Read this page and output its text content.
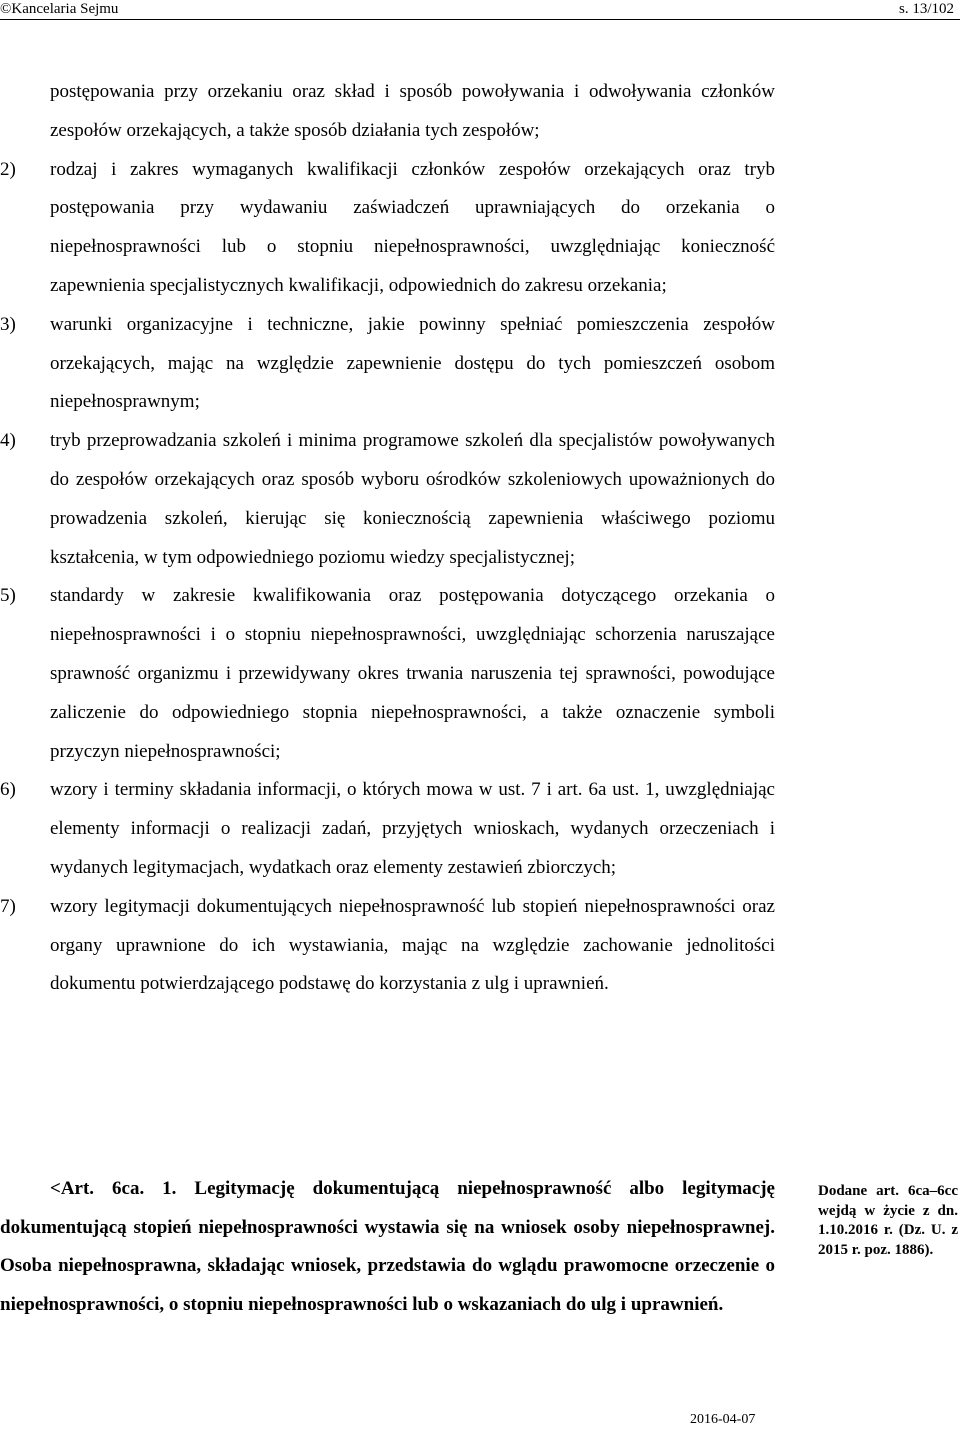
©Kancelaria Sejmu	s. 13/102

postępowania przy orzekaniu oraz skład i sposób powoływania i odwoływania członków zespołów orzekających, a także sposób działania tych zespołów;

2) rodzaj i zakres wymaganych kwalifikacji członków zespołów orzekających oraz tryb postępowania przy wydawaniu zaświadczeń uprawniających do orzekania o niepełnosprawności lub o stopniu niepełnosprawności, uwzględniając konieczność zapewnienia specjalistycznych kwalifikacji, odpowiednich do zakresu orzekania;
3) warunki organizacyjne i techniczne, jakie powinny spełniać pomieszczenia zespołów orzekających, mając na względzie zapewnienie dostępu do tych pomieszczeń osobom niepełnosprawnym;
4) tryb przeprowadzania szkoleń i minima programowe szkoleń dla specjalistów powoływanych do zespołów orzekających oraz sposób wyboru ośrodków szkoleniowych upoważnionych do prowadzenia szkoleń, kierując się koniecznością zapewnienia właściwego poziomu kształcenia, w tym odpowiedniego poziomu wiedzy specjalistycznej;
5) standardy w zakresie kwalifikowania oraz postępowania dotyczącego orzekania o niepełnosprawności i o stopniu niepełnosprawności, uwzględniając schorzenia naruszające sprawność organizmu i przewidywany okres trwania naruszenia tej sprawności, powodujące zaliczenie do odpowiedniego stopnia niepełnosprawności, a także oznaczenie symboli przyczyn niepełnosprawności;
6) wzory i terminy składania informacji, o których mowa w ust. 7 i art. 6a ust. 1, uwzględniając elementy informacji o realizacji zadań, przyjętych wnioskach, wydanych orzeczeniach i wydanych legitymacjach, wydatkach oraz elementy zestawień zbiorczych;
7) wzory legitymacji dokumentujących niepełnosprawność lub stopień niepełnosprawności oraz organy uprawnione do ich wystawiania, mając na względzie zachowanie jednolitości dokumentu potwierdzającego podstawę do korzystania z ulg i uprawnień.

<Art. 6ca. 1. Legitymację dokumentującą niepełnosprawność albo legitymację dokumentującą stopień niepełnosprawności wystawia się na wniosek osoby niepełnosprawnej. Osoba niepełnosprawna, składając wniosek, przedstawia do wglądu prawomocne orzeczenie o niepełnosprawności, o stopniu niepełnosprawności lub o wskazaniach do ulg i uprawnień.

Dodane art. 6ca–6cc wejdą w życie z dn. 1.10.2016 r. (Dz. U. z 2015 r. poz. 1886).
2016-04-07
